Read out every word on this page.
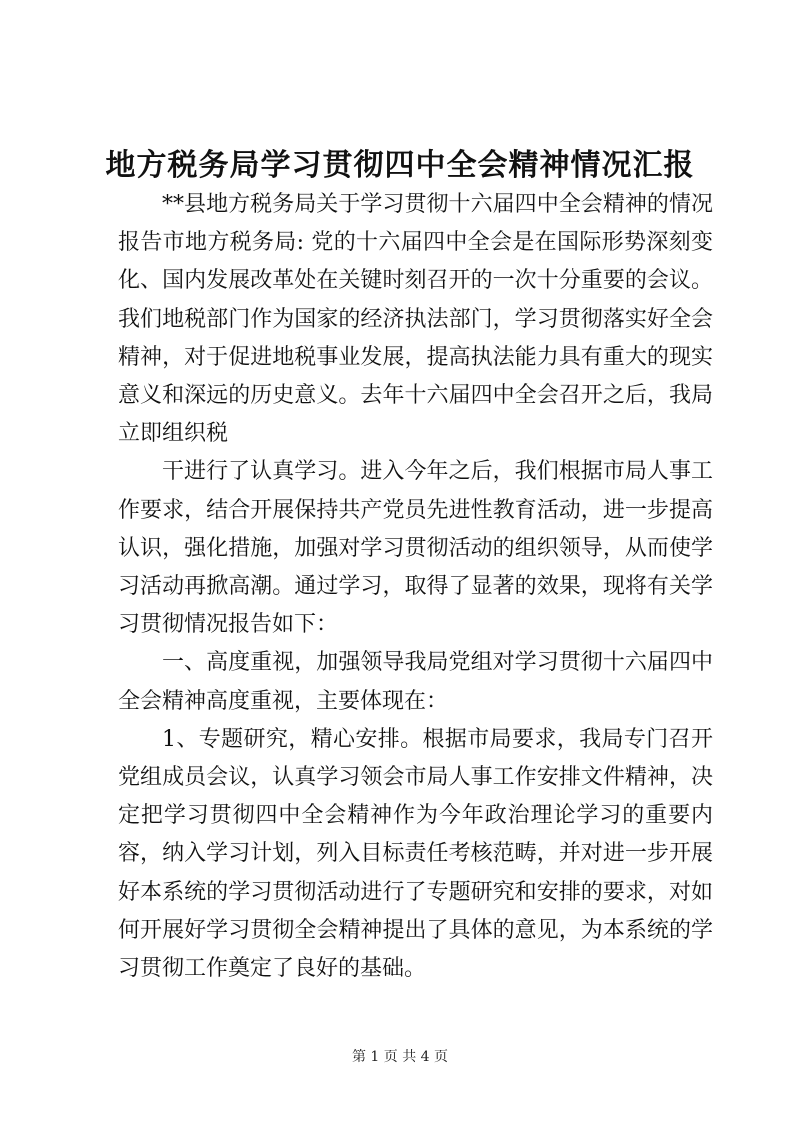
地方税务局学习贯彻四中全会精神情况汇报

**县地方税务局关于学习贯彻十六届四中全会精神的情况报告市地方税务局: 党的十六届四中全会是在国际形势深刻变化、国内发展改革处在关键时刻召开的一次十分重要的会议。我们地税部门作为国家的经济执法部门，学习贯彻落实好全会精神，对于促进地税事业发展，提高执法能力具有重大的现实意义和深远的历史意义。去年十六届四中全会召开之后，我局立即组织税

干进行了认真学习。进入今年之后，我们根据市局人事工作要求，结合开展保持共产党员先进性教育活动，进一步提高认识，强化措施，加强对学习贯彻活动的组织领导，从而使学习活动再掀高潮。通过学习，取得了显著的效果，现将有关学习贯彻情况报告如下：

一、高度重视，加强领导我局党组对学习贯彻十六届四中全会精神高度重视，主要体现在：

1、专题研究，精心安排。根据市局要求，我局专门召开党组成员会议，认真学习领会市局人事工作安排文件精神，决定把学习贯彻四中全会精神作为今年政治理论学习的重要内容，纳入学习计划，列入目标责任考核范畴，并对进一步开展好本系统的学习贯彻活动进行了专题研究和安排的要求，对如何开展好学习贯彻全会精神提出了具体的意见，为本系统的学习贯彻工作奠定了良好的基础。

第 1 页 共 4 页
